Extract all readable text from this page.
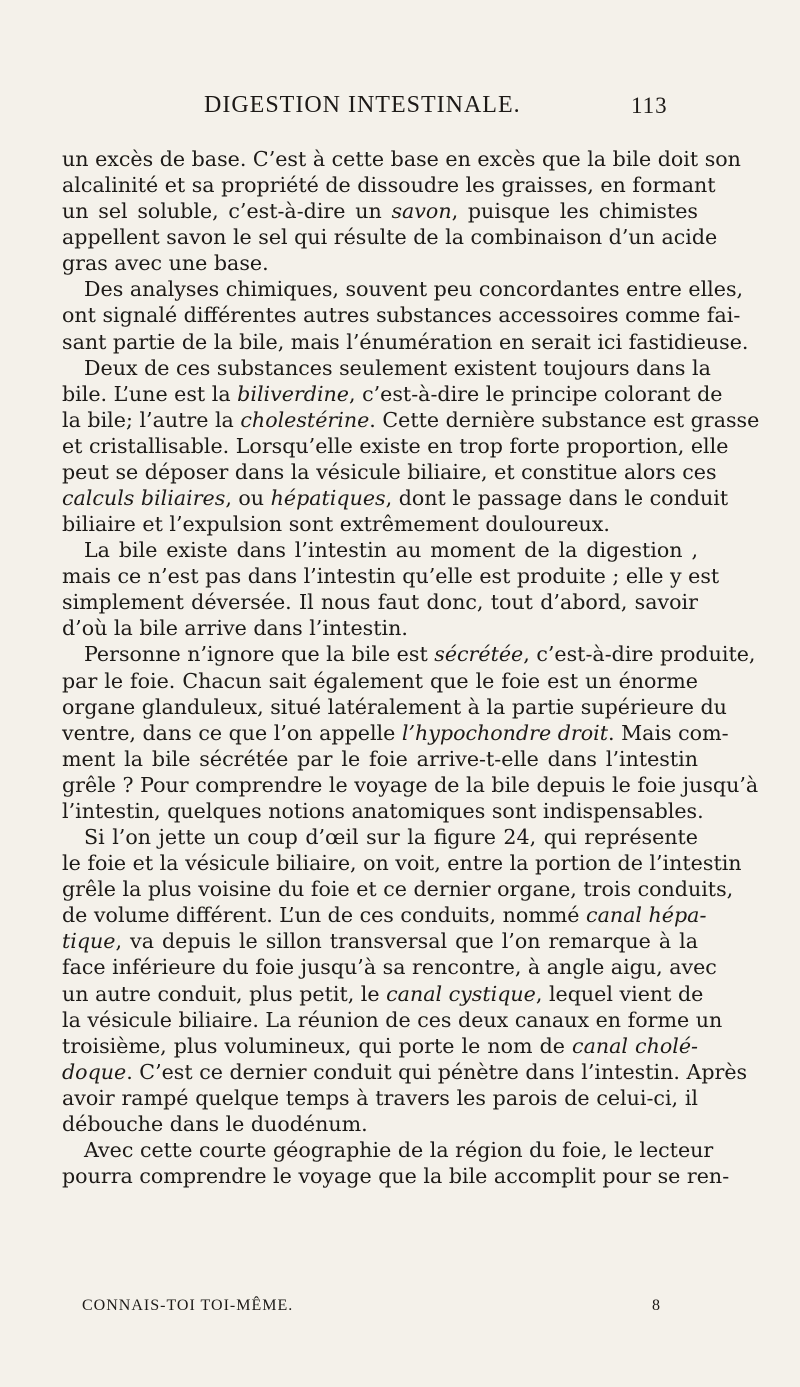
DIGESTION INTESTINALE.	113
un excès de base. C’est à cette base en excès que la bile doit son
alcalinité et sa propriété de dissoudre les graisses, en formant
un sel soluble, c’est-à-dire un savon, puisque les chimistes
appellent savon le sel qui résulte de la combinaison d’un acide
gras avec une base.
Des analyses chimiques, souvent peu concordantes entre elles,
ont signalé différentes autres substances accessoires comme fai-
sant partie de la bile, mais l’énumération en serait ici fastidieuse.
Deux de ces substances seulement existent toujours dans la
bile. L’une est la biliverdine, c’est-à-dire le principe colorant de
la bile; l’autre la cholestérine. Cette dernière substance est grasse
et cristallisable. Lorsqu’elle existe en trop forte proportion, elle
peut se déposer dans la vésicule biliaire, et constitue alors ces
calculs biliaires, ou hépatiques, dont le passage dans le conduit
biliaire et l’expulsion sont extrêmement douloureux.
La bile existe dans l’intestin au moment de la digestion ,
mais ce n’est pas dans l’intestin qu’elle est produite ; elle y est
simplement déversée. Il nous faut donc, tout d’abord, savoir
d’où la bile arrive dans l’intestin.
Personne n’ignore que la bile est sécrétée, c’est-à-dire produite,
par le foie. Chacun sait également que le foie est un énorme
organe glanduleux, situé latéralement à la partie supérieure du
ventre, dans ce que l’on appelle l’hypochondre droit. Mais com-
ment la bile sécrétée par le foie arrive-t-elle dans l’intestin
grêle ? Pour comprendre le voyage de la bile depuis le foie jusqu’à
l’intestin, quelques notions anatomiques sont indispensables.
Si l’on jette un coup d’œil sur la figure 24, qui représente
le foie et la vésicule biliaire, on voit, entre la portion de l’intestin
grêle la plus voisine du foie et ce dernier organe, trois conduits,
de volume différent. L’un de ces conduits, nommé canal hépa-
tique, va depuis le sillon transversal que l’on remarque à la
face inférieure du foie jusqu’à sa rencontre, à angle aigu, avec
un autre conduit, plus petit, le canal cystique, lequel vient de
la vésicule biliaire. La réunion de ces deux canaux en forme un
troisième, plus volumineux, qui porte le nom de canal cholé-
doque. C’est ce dernier conduit qui pénètre dans l’intestin. Après
avoir rampé quelque temps à travers les parois de celui-ci, il
débouche dans le duodénum.
Avec cette courte géographie de la région du foie, le lecteur
pourra comprendre le voyage que la bile accomplit pour se ren-
CONNAIS-TOI TOI-MÊME.	8
